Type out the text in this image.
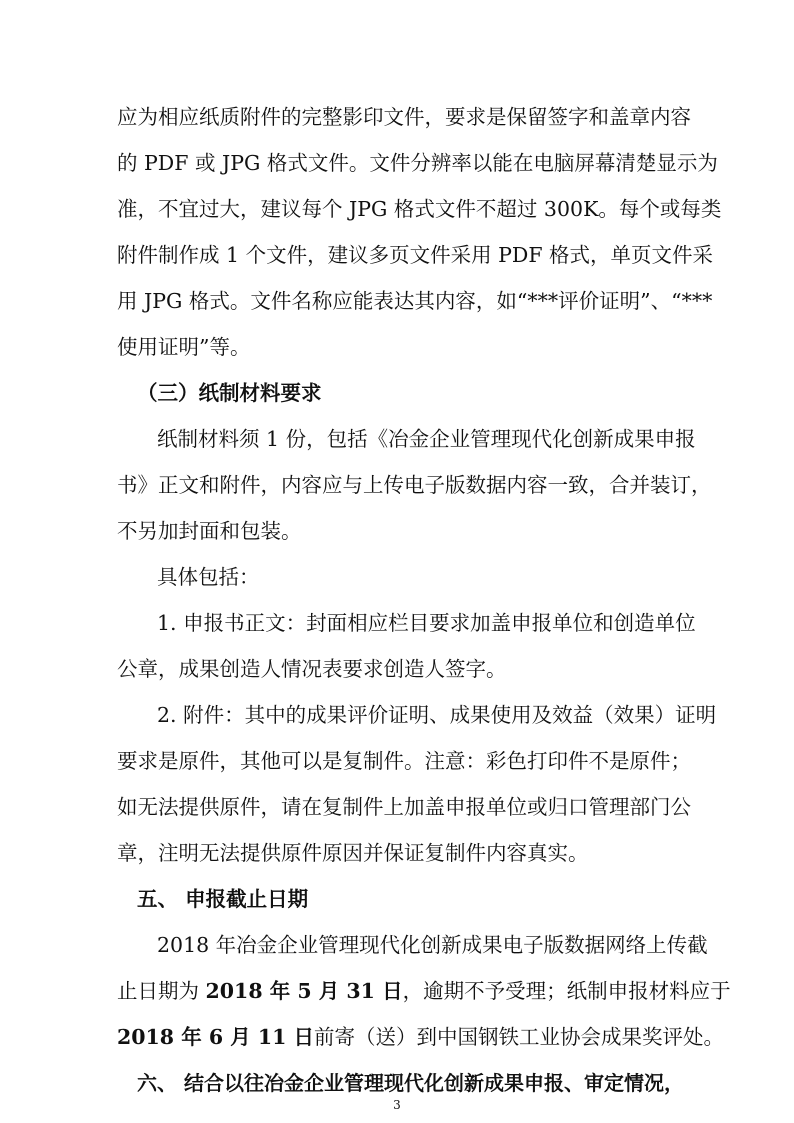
应为相应纸质附件的完整影印文件，要求是保留签字和盖章内容
的 PDF 或 JPG 格式文件。文件分辨率以能在电脑屏幕清楚显示为
准，不宜过大，建议每个 JPG 格式文件不超过 300K。每个或每类
附件制作成 1 个文件，建议多页文件采用 PDF 格式，单页文件采
用 JPG 格式。文件名称应能表达其内容，如“***评价证明”、“***
使用证明”等。
（三）纸制材料要求
纸制材料须 1 份，包括《冶金企业管理现代化创新成果申报
书》正文和附件，内容应与上传电子版数据内容一致，合并装订，
不另加封面和包装。
具体包括：
1. 申报书正文：封面相应栏目要求加盖申报单位和创造单位
公章，成果创造人情况表要求创造人签字。
2. 附件：其中的成果评价证明、成果使用及效益（效果）证明
要求是原件，其他可以是复制件。注意：彩色打印件不是原件；
如无法提供原件，请在复制件上加盖申报单位或归口管理部门公
章，注明无法提供原件原因并保证复制件内容真实。
五、 申报截止日期
2018 年冶金企业管理现代化创新成果电子版数据网络上传截
止日期为 2018 年 5 月 31 日，逾期不予受理；纸制申报材料应于
2018 年 6 月 11 日前寄（送）到中国钢铁工业协会成果奖评处。
六、 结合以往冶金企业管理现代化创新成果申报、审定情况，
3
